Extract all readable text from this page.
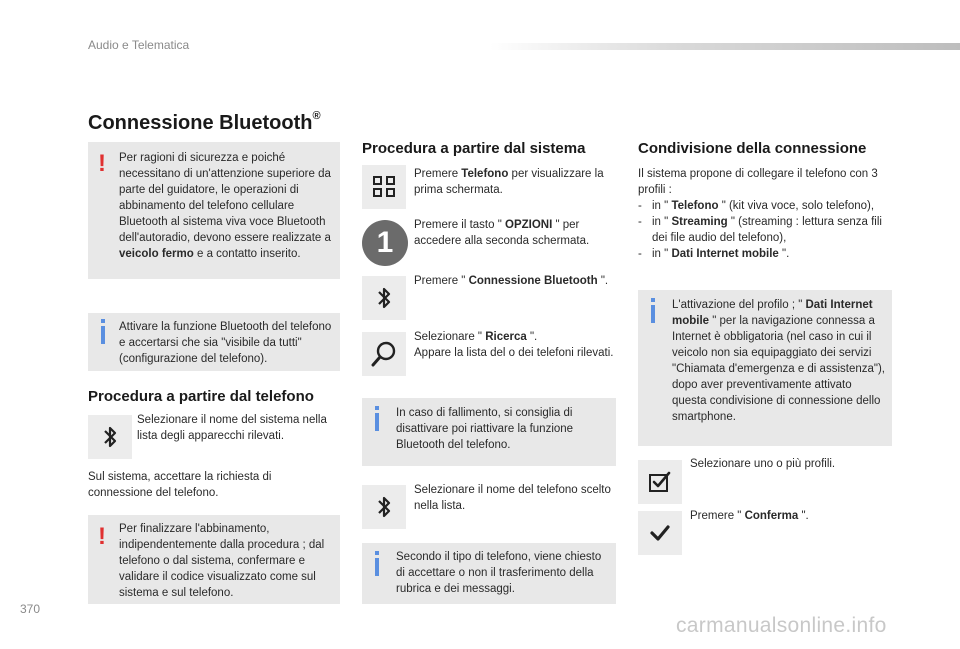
Audio e Telematica
Connessione Bluetooth®
! Per ragioni di sicurezza e poiché necessitano di un'attenzione superiore da parte del guidatore, le operazioni di abbinamento del telefono cellulare Bluetooth al sistema viva voce Bluetooth dell'autoradio, devono essere realizzate a veicolo fermo e a contatto inserito.
Attivare la funzione Bluetooth del telefono e accertarsi che sia "visibile da tutti" (configurazione del telefono).
Procedura a partire dal telefono
Selezionare il nome del sistema nella lista degli apparecchi rilevati.
Sul sistema, accettare la richiesta di connessione del telefono.
! Per finalizzare l'abbinamento, indipendentemente dalla procedura ; dal telefono o dal sistema, confermare e validare il codice visualizzato come sul sistema e sul telefono.
Procedura a partire dal sistema
Premere Telefono per visualizzare la prima schermata.
1
Premere il tasto " OPZIONI " per accedere alla seconda schermata.
Premere " Connessione Bluetooth ".
Selezionare " Ricerca ".
Appare la lista del o dei telefoni rilevati.
In caso di fallimento, si consiglia di disattivare poi riattivare la funzione Bluetooth del telefono.
Selezionare il nome del telefono scelto nella lista.
Secondo il tipo di telefono, viene chiesto di accettare o non il trasferimento della rubrica e dei messaggi.
Condivisione della connessione
Il sistema propone di collegare il telefono con 3 profili :
- in " Telefono " (kit viva voce, solo telefono),
- in " Streaming " (streaming : lettura senza fili dei file audio del telefono),
- in " Dati Internet mobile ".
L'attivazione del profilo ; " Dati Internet mobile " per la navigazione connessa a Internet è obbligatoria (nel caso in cui il veicolo non sia equipaggiato dei servizi "Chiamata d'emergenza e di assistenza"), dopo aver preventivamente attivato questa condivisione di connessione dello smartphone.
Selezionare uno o più profili.
Premere " Conferma ".
370
carmanualsonline.info
